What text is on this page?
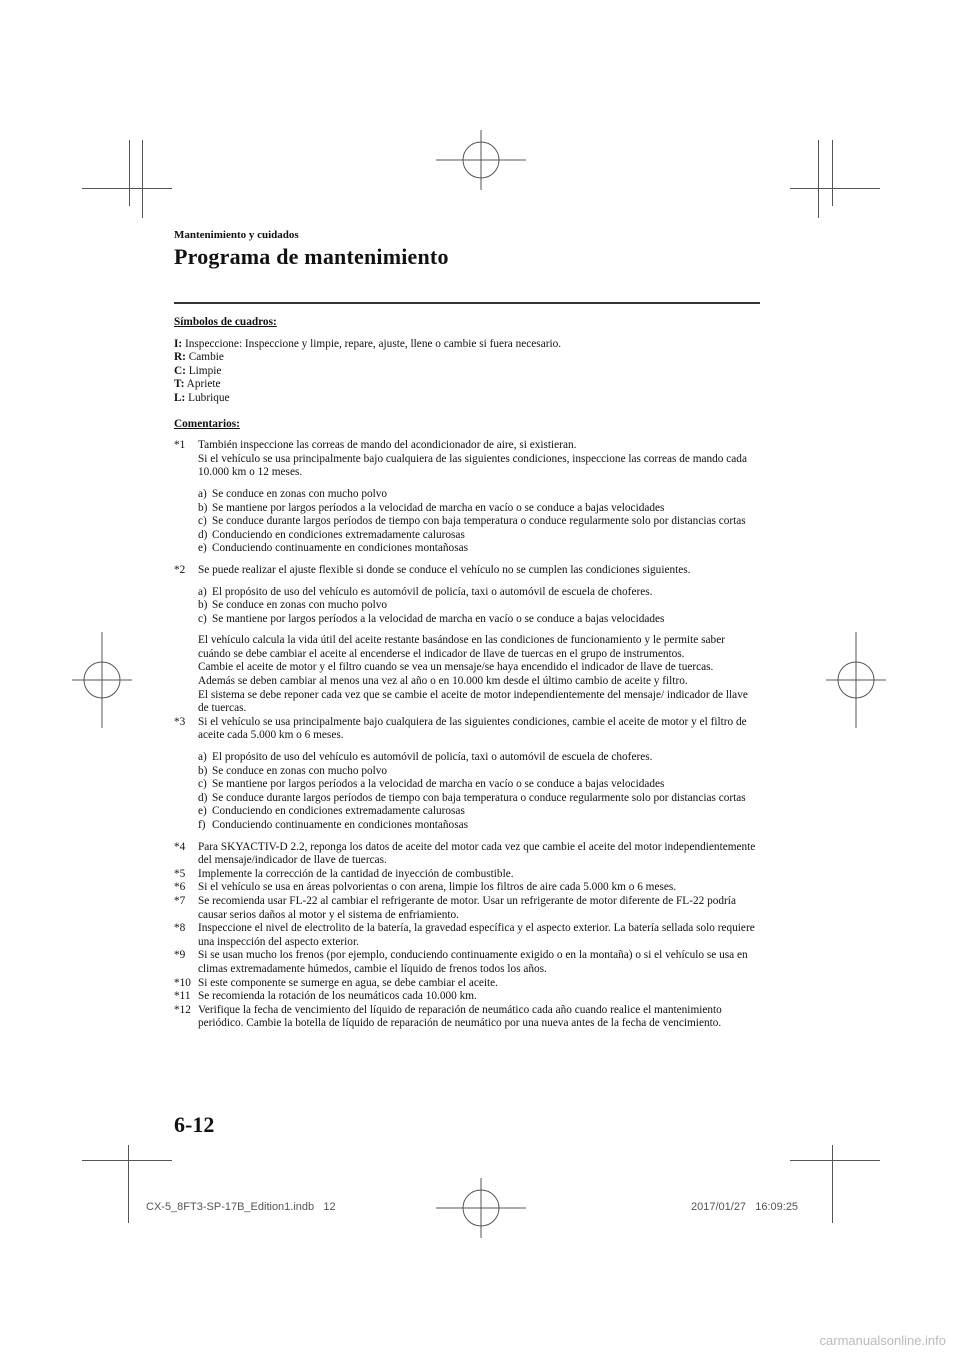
Mantenimiento y cuidados
Programa de mantenimiento
Símbolos de cuadros:
I: Inspeccione: Inspeccione y limpie, repare, ajuste, llene o cambie si fuera necesario.
R: Cambie
C: Limpie
T: Apriete
L: Lubrique
Comentarios:
*1	También inspeccione las correas de mando del acondicionador de aire, si existieran.
Si el vehículo se usa principalmente bajo cualquiera de las siguientes condiciones, inspeccione las correas de mando cada 10.000 km o 12 meses.
a) Se conduce en zonas con mucho polvo
b) Se mantiene por largos períodos a la velocidad de marcha en vacío o se conduce a bajas velocidades
c) Se conduce durante largos períodos de tiempo con baja temperatura o conduce regularmente solo por distancias cortas
d) Conduciendo en condiciones extremadamente calurosas
e) Conduciendo continuamente en condiciones montañosas
*2	Se puede realizar el ajuste flexible si donde se conduce el vehículo no se cumplen las condiciones siguientes.
a) El propósito de uso del vehículo es automóvil de policía, taxi o automóvil de escuela de choferes.
b) Se conduce en zonas con mucho polvo
c) Se mantiene por largos períodos a la velocidad de marcha en vacío o se conduce a bajas velocidades
El vehículo calcula la vida útil del aceite restante basándose en las condiciones de funcionamiento y le permite saber cuándo se debe cambiar el aceite al encenderse el indicador de llave de tuercas en el grupo de instrumentos.
Cambie el aceite de motor y el filtro cuando se vea un mensaje/se haya encendido el indicador de llave de tuercas.
Además se deben cambiar al menos una vez al año o en 10.000 km desde el último cambio de aceite y filtro.
El sistema se debe reponer cada vez que se cambie el aceite de motor independientemente del mensaje/ indicador de llave de tuercas.
*3	Si el vehículo se usa principalmente bajo cualquiera de las siguientes condiciones, cambie el aceite de motor y el filtro de aceite cada 5.000 km o 6 meses.
a) El propósito de uso del vehículo es automóvil de policía, taxi o automóvil de escuela de choferes.
b) Se conduce en zonas con mucho polvo
c) Se mantiene por largos períodos a la velocidad de marcha en vacío o se conduce a bajas velocidades
d) Se conduce durante largos períodos de tiempo con baja temperatura o conduce regularmente solo por distancias cortas
e) Conduciendo en condiciones extremadamente calurosas
f) Conduciendo continuamente en condiciones montañosas
*4	Para SKYACTIV-D 2.2, reponga los datos de aceite del motor cada vez que cambie el aceite del motor independientemente del mensaje/indicador de llave de tuercas.
*5	Implemente la corrección de la cantidad de inyección de combustible.
*6	Si el vehículo se usa en áreas polvorientas o con arena, limpie los filtros de aire cada 5.000 km o 6 meses.
*7	Se recomienda usar FL-22 al cambiar el refrigerante de motor. Usar un refrigerante de motor diferente de FL-22 podría causar serios daños al motor y el sistema de enfriamiento.
*8	Inspeccione el nivel de electrolito de la batería, la gravedad específica y el aspecto exterior. La batería sellada solo requiere una inspección del aspecto exterior.
*9	Si se usan mucho los frenos (por ejemplo, conduciendo continuamente exigido o en la montaña) o si el vehículo se usa en climas extremadamente húmedos, cambie el líquido de frenos todos los años.
*10 Si este componente se sumerge en agua, se debe cambiar el aceite.
*11 Se recomienda la rotación de los neumáticos cada 10.000 km.
*12 Verifique la fecha de vencimiento del líquido de reparación de neumático cada año cuando realice el mantenimiento periódico. Cambie la botella de líquido de reparación de neumático por una nueva antes de la fecha de vencimiento.
6-12
CX-5_8FT3-SP-17B_Edition1.indb 12	2017/01/27 16:09:25
carmanualsonline.info
